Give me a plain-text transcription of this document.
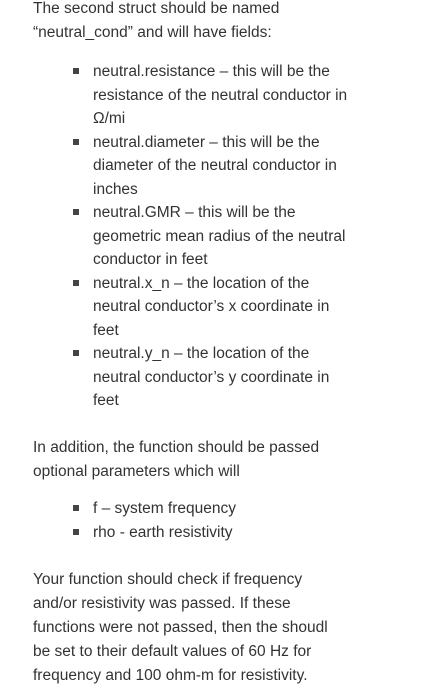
The second struct should be named
“neutral_cond” and will have fields:

neutral.resistance – this will be the
resistance of the neutral conductor in
Ω/mi
neutral.diameter – this will be the
diameter of the neutral conductor in
inches
neutral.GMR – this will be the
geometric mean radius of the neutral
conductor in feet
neutral.x_n – the location of the
neutral conductor’s x coordinate in
feet
neutral.y_n – the location of the
neutral conductor’s y coordinate in
feet

In addition, the function should be passed
optional parameters which will

f – system frequency
rho - earth resistivity

Your function should check if frequency
and/or resistivity was passed. If these
functions were not passed, then the shoudl
be set to their default values of 60 Hz for
frequency and 100 ohm-m for resistivity.
